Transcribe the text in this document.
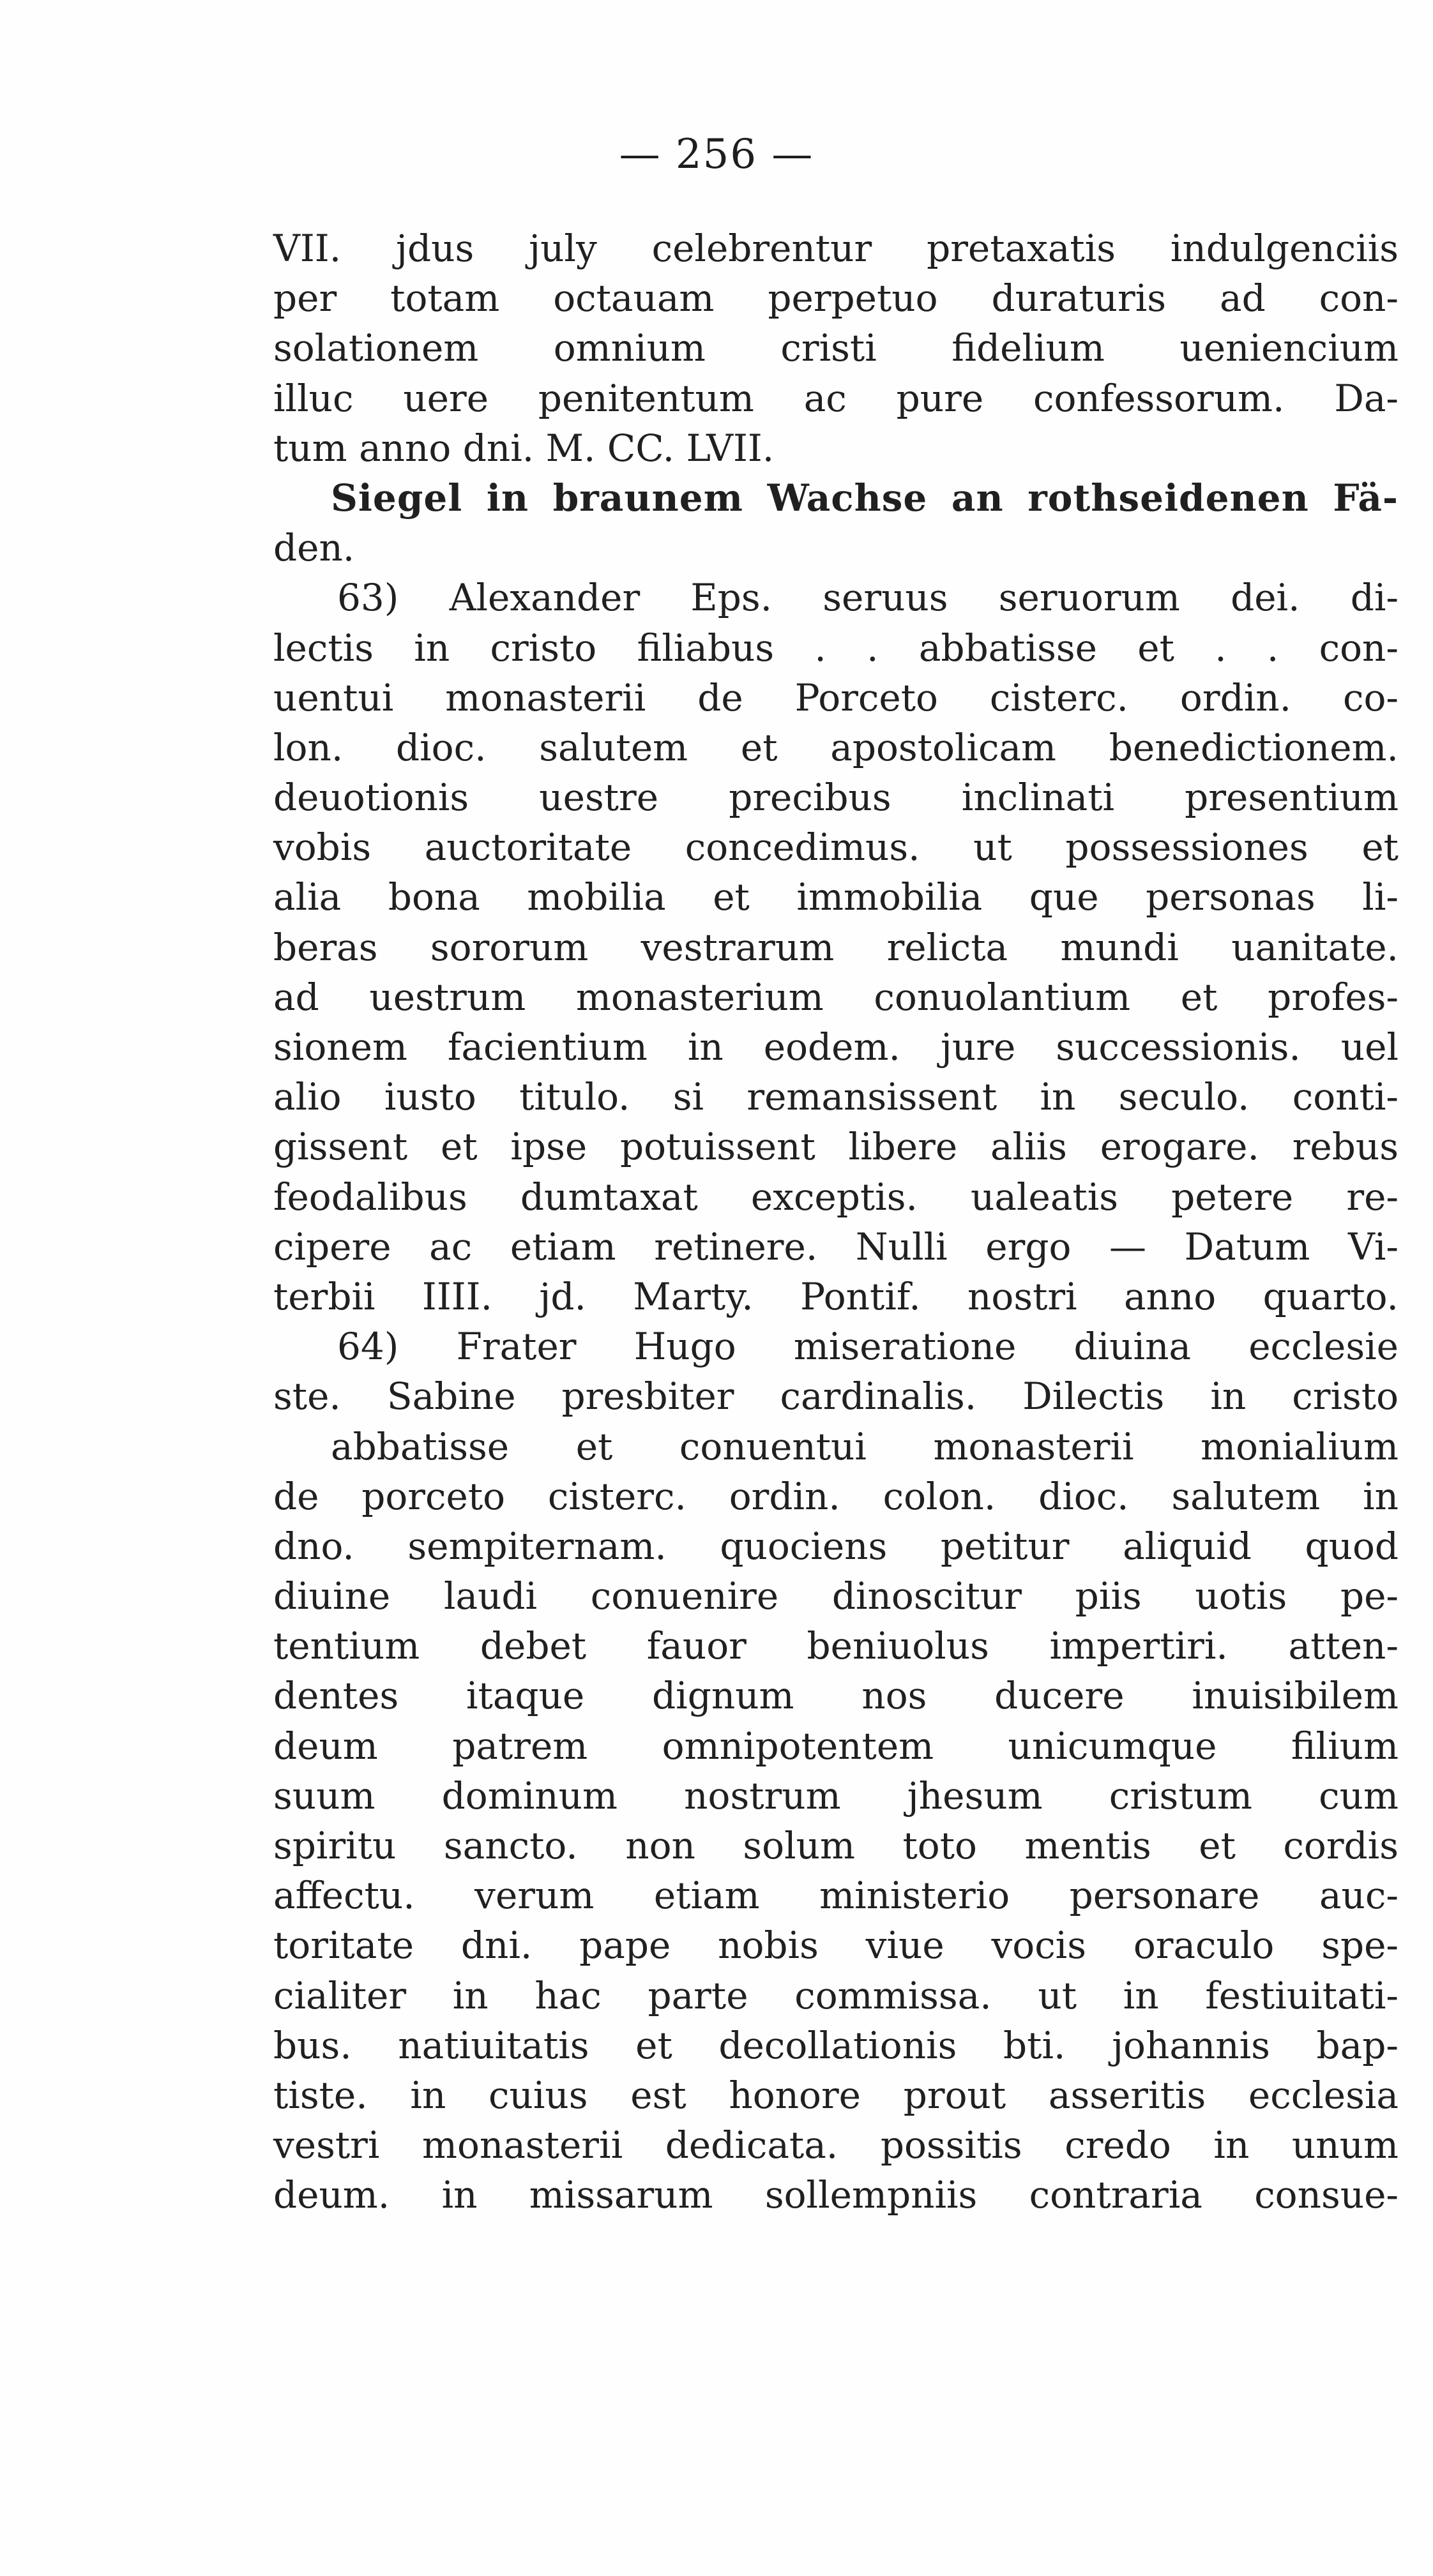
— 256 —
VII. jdus july celebrentur pretaxatis indulgenciis
per totam octauam perpetuo duraturis ad con-
solationem omnium cristi fidelium ueniencium
illuc uere penitentum ac pure confessorum. Da-
tum anno dni. M. CC. LVII.
Siegel in braunem Wachse an rothseidenen Fä-
den.
63) Alexander Eps. seruus seruorum dei. di-
lectis in cristo filiabus . . abbatisse et . . con-
uentui monasterii de Porceto cisterc. ordin. co-
lon. dioc. salutem et apostolicam benedictionem.
deuotionis uestre precibus inclinati presentium
vobis auctoritate concedimus. ut possessiones et
alia bona mobilia et immobilia que personas li-
beras sororum vestrarum relicta mundi uanitate.
ad uestrum monasterium conuolantium et profes-
sionem facientium in eodem. jure successionis. uel
alio iusto titulo. si remansissent in seculo. conti-
gissent et ipse potuissent libere aliis erogare. rebus
feodalibus dumtaxat exceptis. ualeatis petere re-
cipere ac etiam retinere. Nulli ergo — Datum Vi-
terbii IIII. jd. Marty. Pontif. nostri anno quarto.
64) Frater Hugo miseratione diuina ecclesie
ste. Sabine presbiter cardinalis. Dilectis in cristo
abbatisse et conuentui monasterii monialium
de porceto cisterc. ordin. colon. dioc. salutem in
dno. sempiternam. quociens petitur aliquid quod
diuine laudi conuenire dinoscitur piis uotis pe-
tentium debet fauor beniuolus impertiri. atten-
dentes itaque dignum nos ducere inuisibilem
deum patrem omnipotentem unicumque filium
suum dominum nostrum jhesum cristum cum
spiritu sancto. non solum toto mentis et cordis
affectu. verum etiam ministerio personare auc-
toritate dni. pape nobis viue vocis oraculo spe-
cialiter in hac parte commissa. ut in festiuitati-
bus. natiuitatis et decollationis bti. johannis bap-
tiste. in cuius est honore prout asseritis ecclesia
vestri monasterii dedicata. possitis credo in unum
deum. in missarum sollempniis contraria consue-
